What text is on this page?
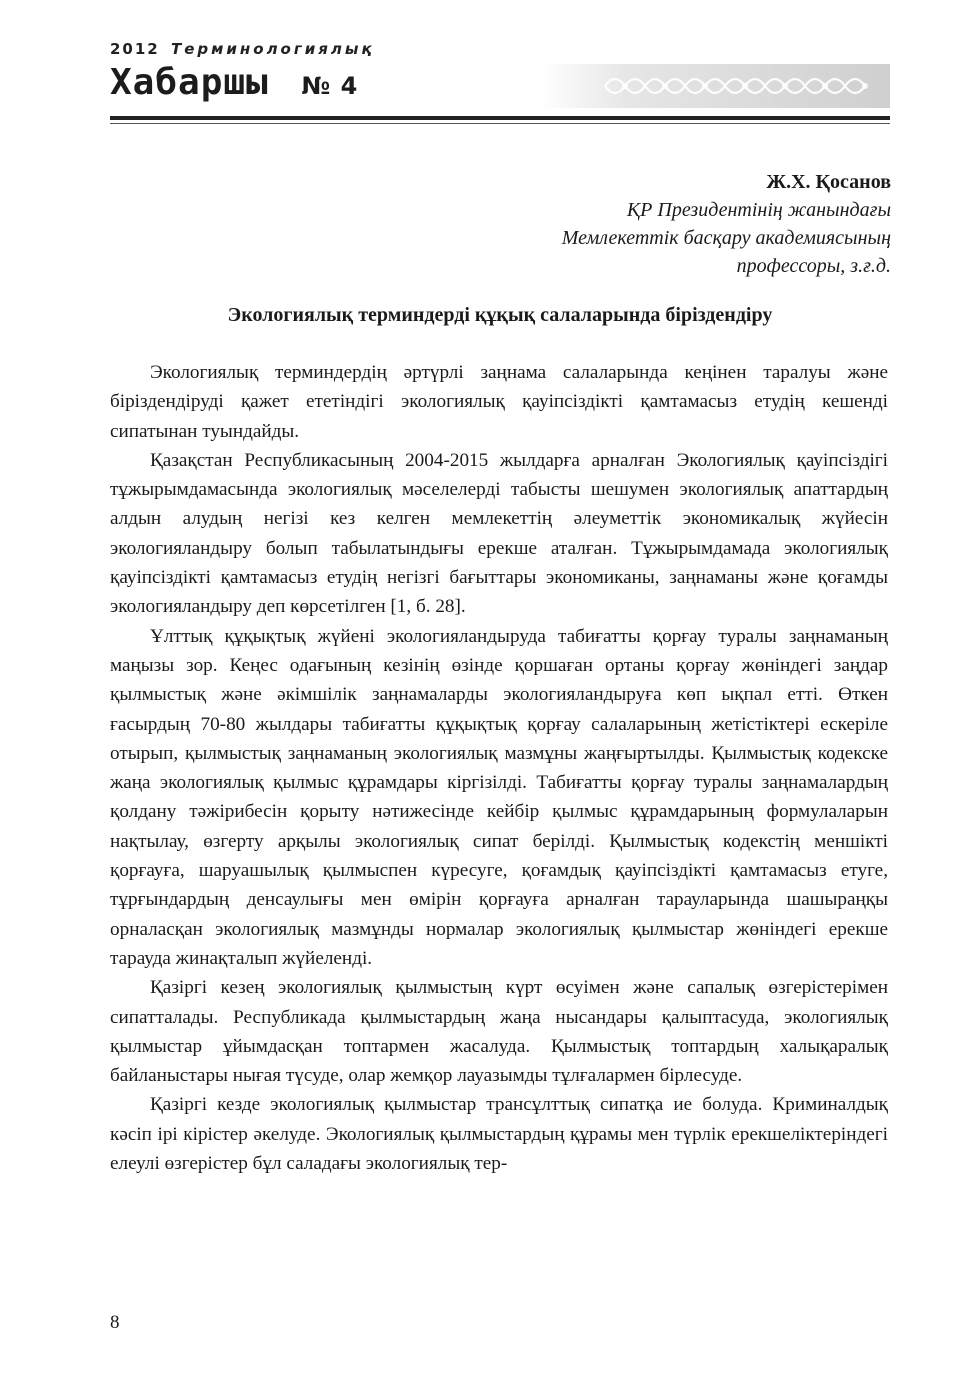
2012 Терминологиялық
Хабаршы № 4
Ж.Х. Қосанов
ҚР Президентінің жанындағы
Мемлекеттік басқару академиясының
профессоры, з.ғ.д.
Экологиялық терминдерді құқық салаларында біріздендіру

Экологиялық терминдердің әртүрлі заңнама салаларында кеңінен таралуы және біріздендіруді қажет ететіндігі экологиялық қауіпсіздікті қамтамасыз етудің кешенді сипатынан туындайды.

Қазақстан Республикасының 2004-2015 жылдарға арналған Экологиялық қауіпсіздігі тұжырымдамасында экологиялық мәселелерді табысты шешумен экологиялық апаттардың алдын алудың негізі кез келген мемлекеттің әлеуметтік экономикалық жүйесін экологияландыру болып табылатындығы ерекше аталған. Тұжырымдамада экологиялық қауіпсіздікті қамтамасыз етудің негізгі бағыттары экономиканы, заңнаманы және қоғамды экологияландыру деп көрсетілген [1, б. 28].

Ұлттық құқықтық жүйені экологияландыруда табиғатты қорғау туралы заңнаманың маңызы зор. Кеңес одағының кезінің өзінде қоршаған ортаны қорғау жөніндегі заңдар қылмыстық және әкімшілік заңнамаларды экологияландыруға көп ықпал етті. Өткен ғасырдың 70-80 жылдары табиғатты құқықтық қорғау салаларының жетістіктері ескеріле отырып, қылмыстық заңнаманың экологиялық мазмұны жаңғыртылды. Қылмыстық кодекске жаңа экологиялық қылмыс құрамдары кіргізілді. Табиғатты қорғау туралы заңнамалардың қолдану тәжірибесін қорыту нәтижесінде кейбір қылмыс құрамдарының формулаларын нақтылау, өзгерту арқылы экологиялық сипат берілді. Қылмыстық кодекстің меншікті қорғауға, шаруашылық қылмыспен күресуге, қоғамдық қауіпсіздікті қамтамасыз етуге, тұрғындардың денсаулығы мен өмірін қорғауға арналған тарауларында шашыраңқы орналасқан экологиялық мазмұнды нормалар экологиялық қылмыстар жөніндегі ерекше тарауда жинақталып жүйеленді.

Қазіргі кезең экологиялық қылмыстың күрт өсуімен және сапалық өзгерістерімен сипатталады. Республикада қылмыстардың жаңа нысандары қалыптасуда, экологиялық қылмыстар ұйымдасқан топтармен жасалуда. Қылмыстық топтардың халықаралық байланыстары нығая түсуде, олар жемқор лауазымды тұлғалармен бірлесуде.

Қазіргі кезде экологиялық қылмыстар трансұлттық сипатқа ие болуда. Криминалдық кәсіп ірі кірістер әкелуде. Экологиялық қылмыстардың құрамы мен түрлік ерекшеліктеріндегі елеулі өзгерістер бұл саладағы экологиялық тер-

8
